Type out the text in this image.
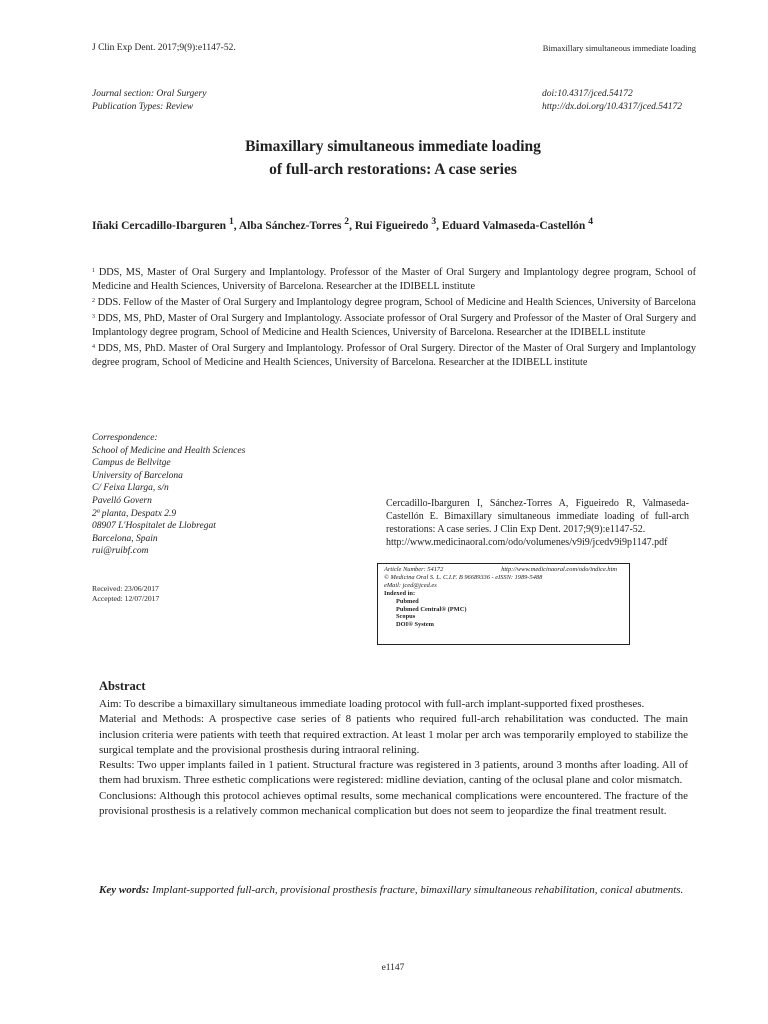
J Clin Exp Dent. 2017;9(9):e1147-52.	Bimaxillary simultaneous immediate loading
Journal section: Oral Surgery
Publication Types: Review
doi:10.4317/jced.54172
http://dx.doi.org/10.4317/jced.54172
Bimaxillary simultaneous immediate loading
of full-arch restorations: A case series
Iñaki Cercadillo-Ibarguren $^1$, Alba Sánchez-Torres $^2$, Rui Figueiredo $^3$, Eduard Valmaseda-Castellón $^4$

$^1$ DDS, MS, Master of Oral Surgery and Implantology. Professor of the Master of Oral Surgery and Implantology degree program, School of Medicine and Health Sciences, University of Barcelona. Researcher at the IDIBELL institute

$^2$ DDS. Fellow of the Master of Oral Surgery and Implantology degree program, School of Medicine and Health Sciences, University of Barcelona

$^3$ DDS, MS, PhD, Master of Oral Surgery and Implantology. Associate professor of Oral Surgery and Professor of the Master of Oral Surgery and Implantology degree program, School of Medicine and Health Sciences, University of Barcelona. Researcher at the IDIBELL institute

$^4$ DDS, MS, PhD. Master of Oral Surgery and Implantology. Professor of Oral Surgery. Director of the Master of Oral Surgery and Implantology degree program, School of Medicine and Health Sciences, University of Barcelona. Researcher at the IDIBELL institute

Correspondence:
School of Medicine and Health Sciences
Campus de Bellvitge
University of Barcelona
C/ Feixa Llarga, s/n
Pavelló Govern
2ª planta, Despatx 2.9
08907 L'Hospitalet de Llobregat
Barcelona, Spain
rui@ruibf.com
Received: 23/06/2017
Accepted: 12/07/2017
Cercadillo-Ibarguren I, Sánchez-Torres A, Figueiredo R, Valmaseda-Castellón E. Bimaxillary simultaneous immediate loading of full-arch restorations: A case series. J Clin Exp Dent. 2017;9(9):e1147-52.
http://www.medicinaoral.com/odo/volumenes/v9i9/jcedv9i9p1147.pdf
Article Number: 54172	http://www.medicinaoral.com/odo/indice.htm
© Medicina Oral S. L. C.I.F. B 96689336 - eISSN: 1989-5488
eMail: jced@jced.es
Indexed in:
Pubmed
Pubmed Central® (PMC)
Scopus
DOI® System
Abstract
Aim: To describe a bimaxillary simultaneous immediate loading protocol with full-arch implant-supported fixed prostheses.
Material and Methods: A prospective case series of 8 patients who required full-arch rehabilitation was conducted. The main inclusion criteria were patients with teeth that required extraction. At least 1 molar per arch was temporarily employed to stabilize the surgical template and the provisional prosthesis during intraoral relining.
Results: Two upper implants failed in 1 patient. Structural fracture was registered in 3 patients, around 3 months after loading. All of them had bruxism. Three esthetic complications were registered: midline deviation, canting of the oclusal plane and color mismatch.
Conclusions: Although this protocol achieves optimal results, some mechanical complications were encountered. The fracture of the provisional prosthesis is a relatively common mechanical complication but does not seem to jeopardize the final treatment result.
Key words: Implant-supported full-arch, provisional prosthesis fracture, bimaxillary simultaneous rehabilitation, conical abutments.
e1147
